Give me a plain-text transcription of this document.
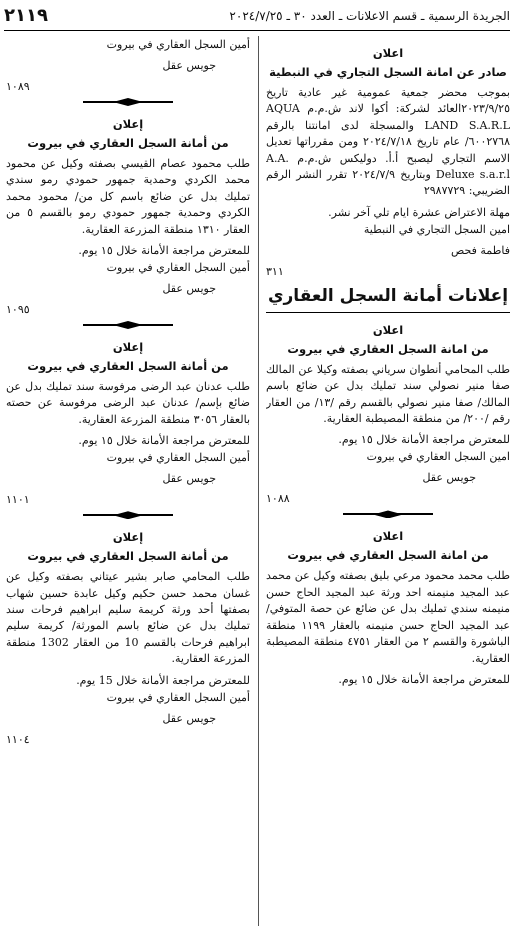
الجريدة الرسمية ـ قسم الاعلانات ـ العدد ٣٠ ـ ٢٠٢٤/٧/٢٥
٢١١٩
اعلان
صادر عن امانة السجل التجاري في النبطية

بموجب محضر جمعية عمومية غير عادية تاريخ ٢٠٢٣/٩/٢٥العائد لشركة: أكوا لاند ش.م.م AQUA LAND S.A.R.L والمسجلة لدى امانتنا بالرقم ٦٠٠٢٧٦٨/ عام تاريخ ٢٠٢٤/٧/١٨ ومن مقرراتها تعديل الاسم التجاري ليصبح أ.أ. دوليكس ش.م.م A.A. Deluxe s.a.r.l وبتاريخ ٢٠٢٤/٧/٩ تقرر النشر الرقم الضريبي: ٢٩٨٧٧٢٩

مهلة الاعتراض عشرة ايام تلي آخر نشر.

امين السجل التجاري في النبطية

فاطمة فحص

٣١١

إعلانات أمانة السجل العقاري
اعلان
من امانة السجل العقاري في بيروت

طلب المحامي أنطوان سرياني بصفته وكيلا عن المالك صفا منير نصولي سند تمليك بدل عن ضائع باسم المالك/ صفا منير نصولي بالقسم رقم /١٣/ من العقار رقم /٢٠٠/ من منطقة المصيطبة العقارية.

للمعترض مراجعة الأمانة خلال ١٥ يوم.

امين السجل العقاري في بيروت

جويس عقل

١٠٨٨

اعلان
من امانة السجل العقاري في بيروت

طلب محمد محمود مرعي بليق بصفته وكيل عن محمد عبد المجيد منيمنه احد ورثة عبد المجيد الحاج حسن منيمنه سندي تمليك بدل عن ضائع عن حصة المتوفي/ عبد المجيد الحاج حسن منيمنه بالعقار ١١٩٩ منطقة الباشورة والقسم ٢ من العقار ٤٧٥١ منطقة المصيطبة العقارية.

للمعترض مراجعة الأمانة خلال ١٥ يوم.

أمين السجل العقاري في بيروت

جويس عقل

١٠٨٩

إعلان
من أمانة السجل العقاري في بيروت

طلب محمود عصام القيسي بصفته وكيل عن محمود محمد الكردي وحمدية جمهور حمودي رمو سندي تمليك بدل عن ضائع باسم كل من/ محمود محمد الكردي وحمدية جمهور حمودي رمو بالقسم ٥ من العقار ١٣١٠ منطقة المزرعة العقارية.

للمعترض مراجعة الأمانة خلال ١٥ يوم.

أمين السجل العقاري في بيروت

جويس عقل

١٠٩٥

إعلان
من أمانة السجل العقاري في بيروت

طلب عدنان عبد الرضى مرفوسة سند تمليك بدل عن ضائع بإسم/ عدنان عبد الرضى مرفوسة عن حصته بالعقار ٣٠٥٦ منطقة المزرعة العقارية.

للمعترض مراجعة الأمانة خلال ١٥ يوم.

أمين السجل العقاري في بيروت

جويس عقل

١١٠١

إعلان
من أمانة السجل العقاري في بيروت

طلب المحامي صابر بشير عيتاني بصفته وكيل عن غسان محمد حسن حكيم وكيل عابدة حسين شهاب بصفتها أحد ورثة كريمة سليم ابراهيم فرحات سند تمليك بدل عن ضائع باسم المورثة/ كريمة سليم ابراهيم فرحات بالقسم 10 من العقار 1302 منطقة المزرعة العقارية.

للمعترض مراجعة الأمانة خلال 15 يوم.

أمين السجل العقاري في بيروت

جويس عقل

١١٠٤
